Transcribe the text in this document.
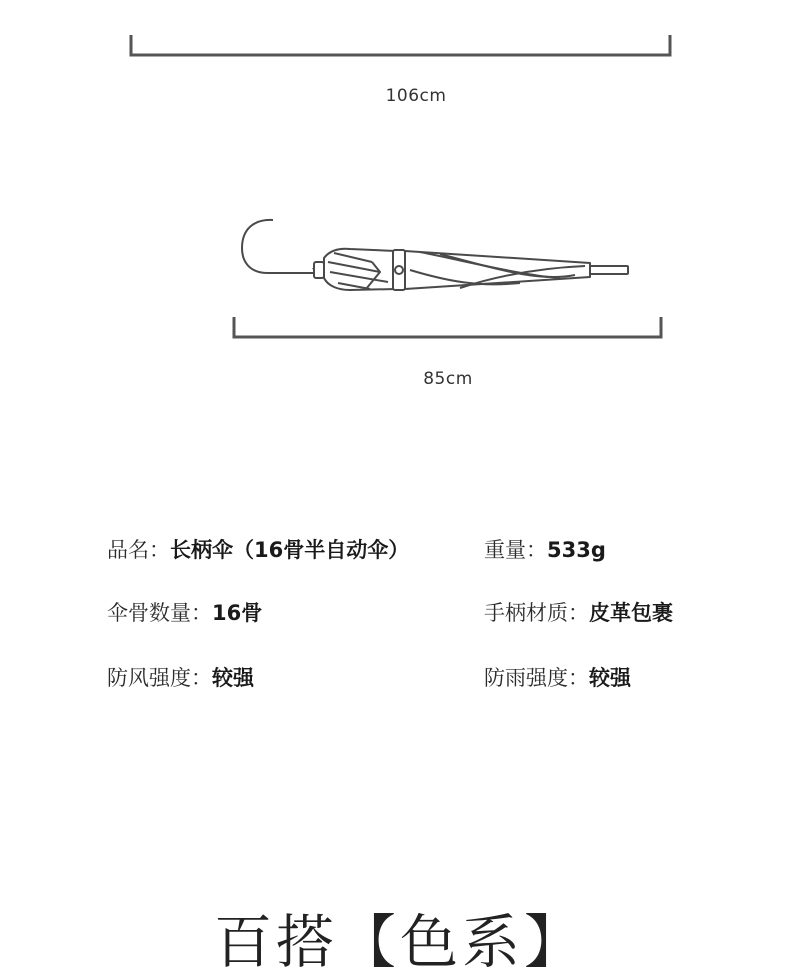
106cm
85cm
品名：长柄伞（16骨半自动伞）	重量：533g
伞骨数量：16骨	手柄材质：皮革包裹
防风强度：较强	防雨强度：较强
百搭【色系】
